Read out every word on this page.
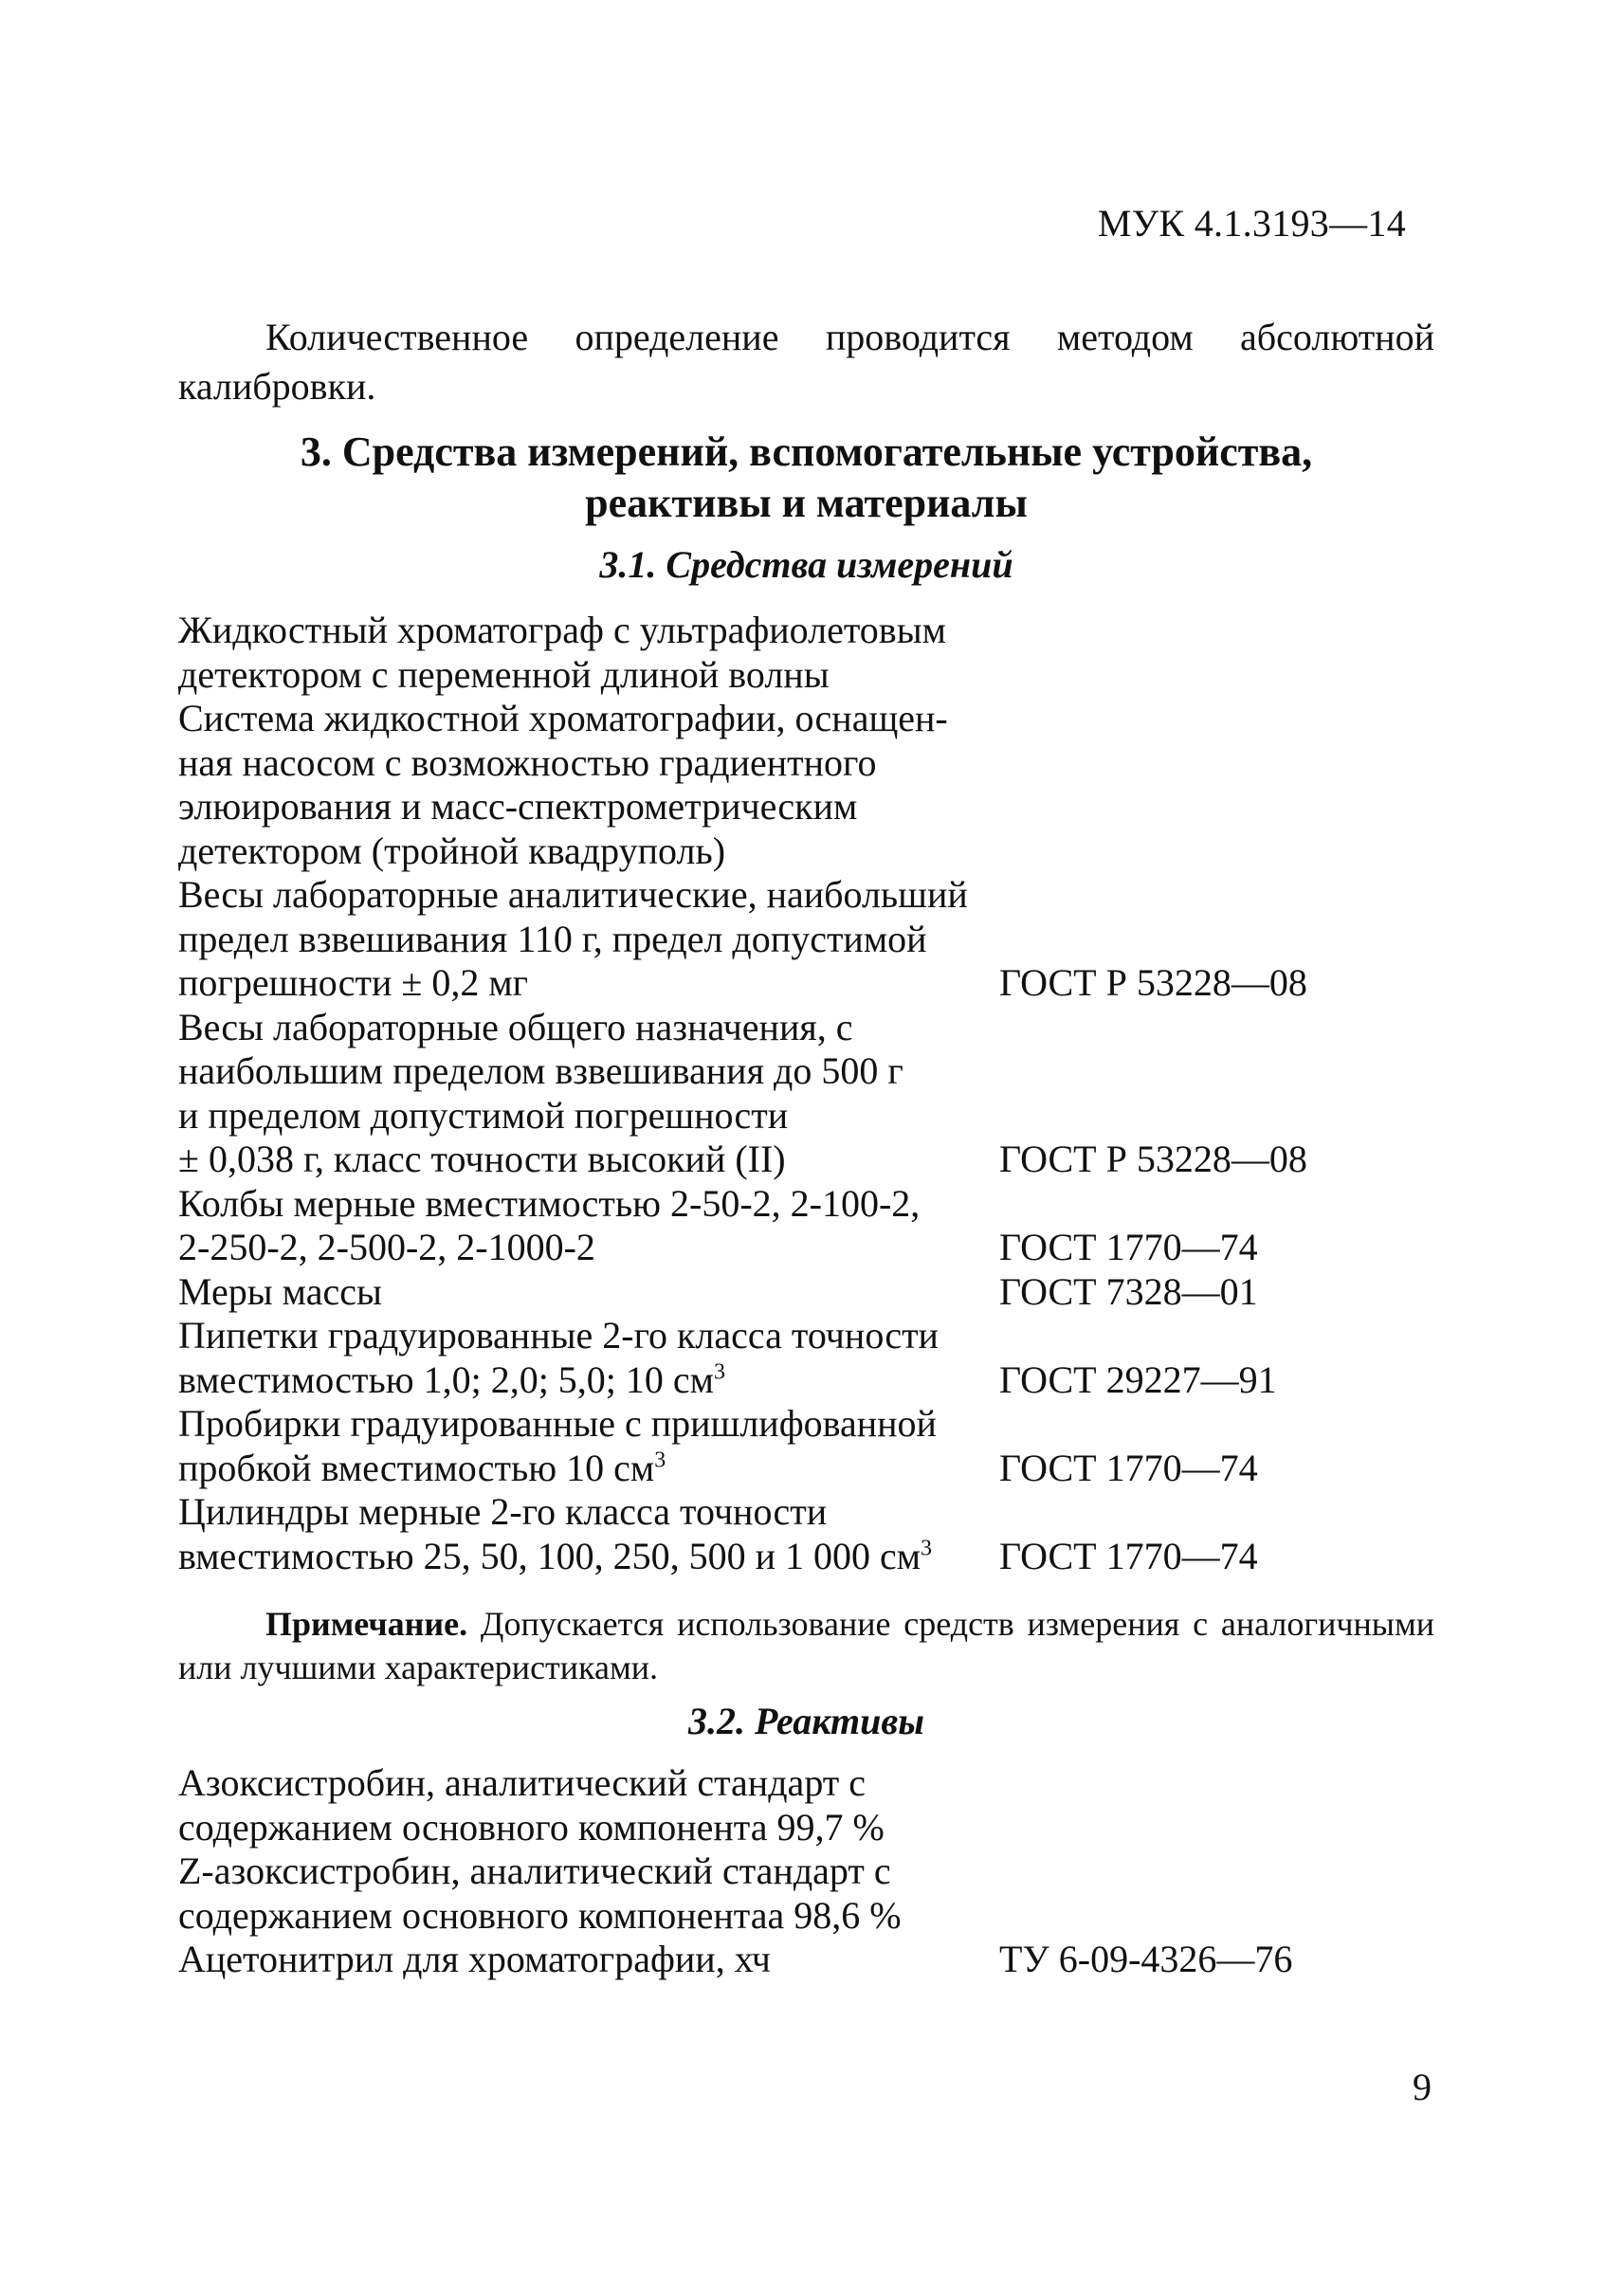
МУК 4.1.3193—14

Количественное определение проводится методом абсолютной калибровки.

3. Средства измерений, вспомогательные устройства,
реактивы и материалы
3.1. Средства измерений
Жидкостный хроматограф с ультрафиолетовым
детектором с переменной длиной волны
Система жидкостной хроматографии, оснащен-
ная насосом с возможностью градиентного
элюирования и масс-спектрометрическим
детектором (тройной квадруполь)
Весы лабораторные аналитические, наибольший
предел взвешивания 110 г, предел допустимой
погрешности ± 0,2 мг	ГОСТ Р 53228—08
Весы лабораторные общего назначения, с
наибольшим пределом взвешивания до 500 г
и пределом допустимой погрешности
± 0,038 г, класс точности высокий (II)	ГОСТ Р 53228—08
Колбы мерные вместимостью 2-50-2, 2-100-2,
2-250-2, 2-500-2, 2-1000-2	ГОСТ 1770—74
Меры массы	ГОСТ 7328—01
Пипетки градуированные 2-го класса точности
вместимостью 1,0; 2,0; 5,0; 10 $см^3$	ГОСТ 29227—91
Пробирки градуированные с пришлифованной
пробкой вместимостью 10 $см^3$	ГОСТ 1770—74
Цилиндры мерные 2-го класса точности
вместимостью 25, 50, 100, 250, 500 и 1 000 $см^3$	ГОСТ 1770—74

Примечание. Допускается использование средств измерения с аналогичными или лучшими характеристиками.

3.2. Реактивы
Азоксистробин, аналитический стандарт с
содержанием основного компонента 99,7 %
Z-азоксистробин, аналитический стандарт с
содержанием основного компонентаа 98,6 %
Ацетонитрил для хроматографии, хч	ТУ 6-09-4326—76
9
